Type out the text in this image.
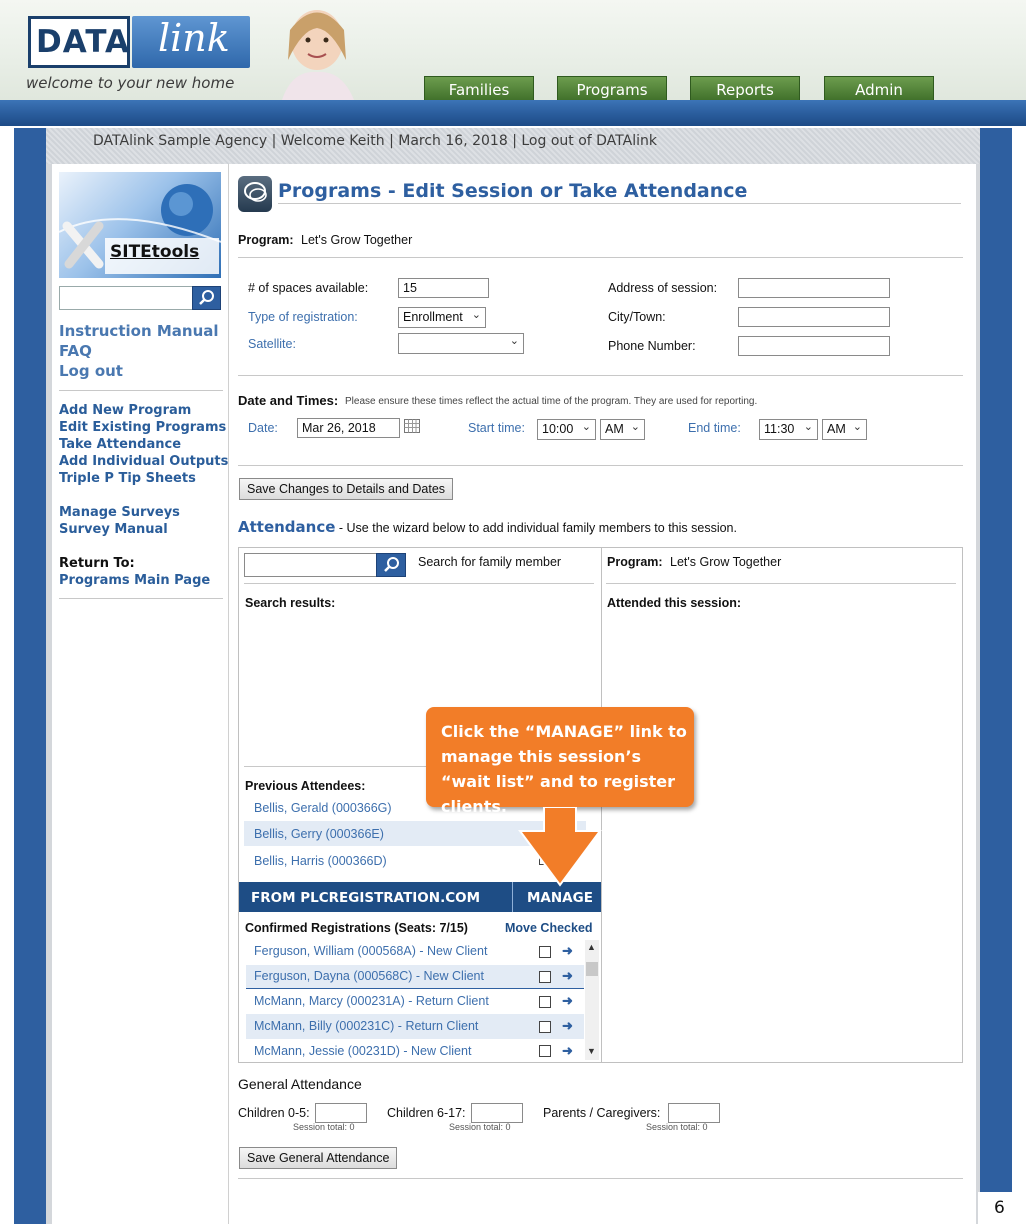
DATA link
welcome to your new home	Families	Programs	Reports	Admin
DATAlink Sample Agency | Welcome Keith | March 16, 2018 | Log out of DATAlink
SITEtools
Instruction Manual
FAQ
Log out
Add New Program
Edit Existing Programs
Take Attendance
Add Individual Outputs
Triple P Tip Sheets
Manage Surveys
Survey Manual
Return To:
Programs Main Page
Programs - Edit Session or Take Attendance
Program: Let's Grow Together
# of spaces available:	15
Type of registration:	Enrollment ⌄
Satellite:	⌄
Address of session:
City/Town:
Phone Number:
Date and Times: Please ensure these times reflect the actual time of the program. They are used for reporting.
Date:	Mar 26, 2018	Start time:	10:00 ⌄	AM ⌄	End time:	11:30 ⌄	AM ⌄
Save Changes to Details and Dates
Attendance - Use the wizard below to add individual family members to this session.
Search for family member
Search results:
Program: Let's Grow Together
Attended this session:
Previous Attendees:
Bellis, Gerald (000366G)
Bellis, Gerry (000366E)
Bellis, Harris (000366D)
FROM PLCREGISTRATION.COM	MANAGE
Confirmed Registrations (Seats: 7/15)	Move Checked
Ferguson, William (000568A) - New Client	➜
Ferguson, Dayna (000568C) - New Client	➜
McMann, Marcy (000231A) - Return Client	➜
McMann, Billy (000231C) - Return Client	➜
McMann, Jessie (00231D) - New Client	➜
▲
▼
Click the “MANAGE” link to manage this session’s “wait list” and to register clients.
General Attendance
Children 0-5:
Session total: 0
Children 6-17:
Session total: 0
Parents / Caregivers:
Session total: 0
Save General Attendance
6
